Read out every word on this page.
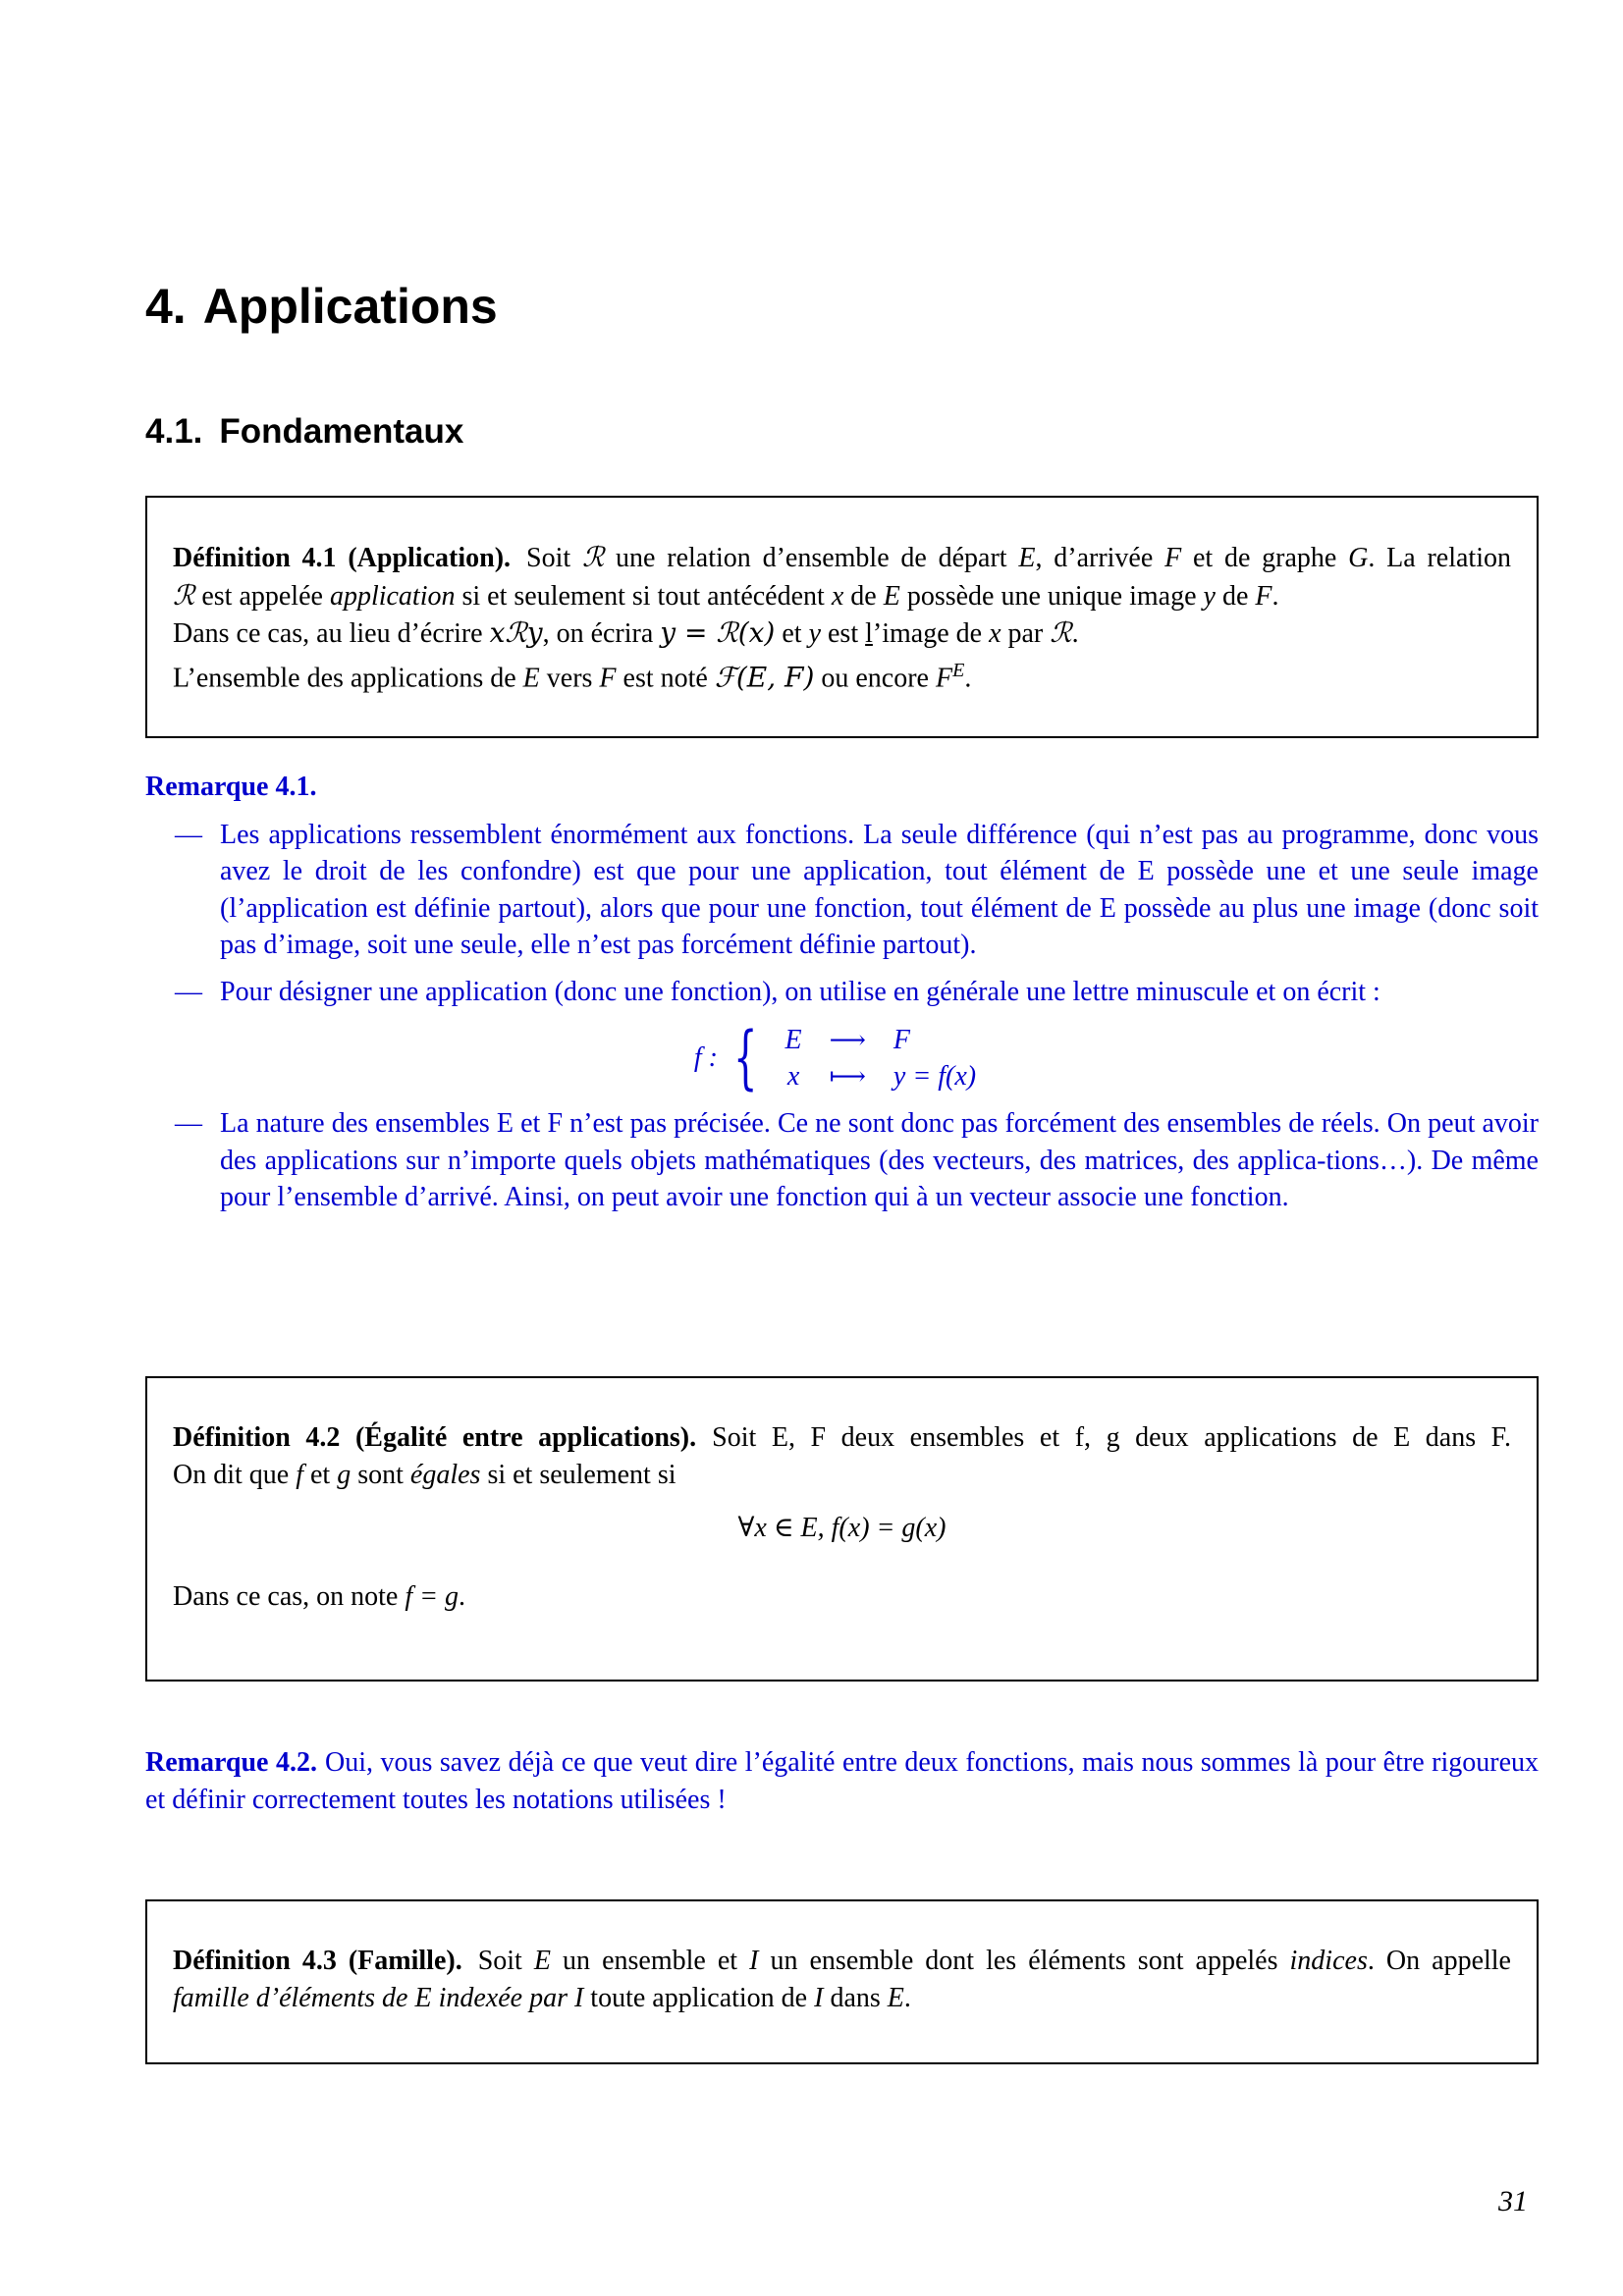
4. Applications
4.1. Fondamentaux

Définition 4.1 (Application). Soit ℛ une relation d’ensemble de départ E, d’arrivée F et de graphe G. La relation

ℛ est appelée application si et seulement si tout antécédent x de E possède une unique image y de F.

Dans ce cas, au lieu d’écrire xℛy, on écrira y = ℛ(x) et y est l’image de x par ℛ.

L’ensemble des applications de E vers F est noté ℱ(E, F) ou encore $F^E$.

Remarque 4.1.
— Les applications ressemblent énormément aux fonctions. La seule différence (qui n’est pas au programme, donc vous avez le droit de les confondre) est que pour une application, tout élément de E possède une et une seule image (l’application est définie partout), alors que pour une fonction, tout élément de E possède au plus une image (donc soit pas d’image, soit une seule, elle n’est pas forcément définie partout).
— Pour désigner une application (donc une fonction), on utilise en générale une lettre minuscule et on écrit :
f : { E	⟶	F
x	⟼	y = f(x)
— La nature des ensembles E et F n’est pas précisée. Ce ne sont donc pas forcément des ensembles de réels. On peut avoir des applications sur n’importe quels objets mathématiques (des vecteurs, des matrices, des applica-tions…). De même pour l’ensemble d’arrivé. Ainsi, on peut avoir une fonction qui à un vecteur associe une fonction.

Définition 4.2 (Égalité entre applications). Soit E, F deux ensembles et f, g deux applications de E dans F.

On dit que f et g sont égales si et seulement si

∀x ∈ E, f(x) = g(x)

Dans ce cas, on note f = g.

Remarque 4.2. Oui, vous savez déjà ce que veut dire l’égalité entre deux fonctions, mais nous sommes là pour être rigoureux et définir correctement toutes les notations utilisées !

Définition 4.3 (Famille). Soit E un ensemble et I un ensemble dont les éléments sont appelés indices. On appelle

famille d’éléments de E indexée par I toute application de I dans E.

31
